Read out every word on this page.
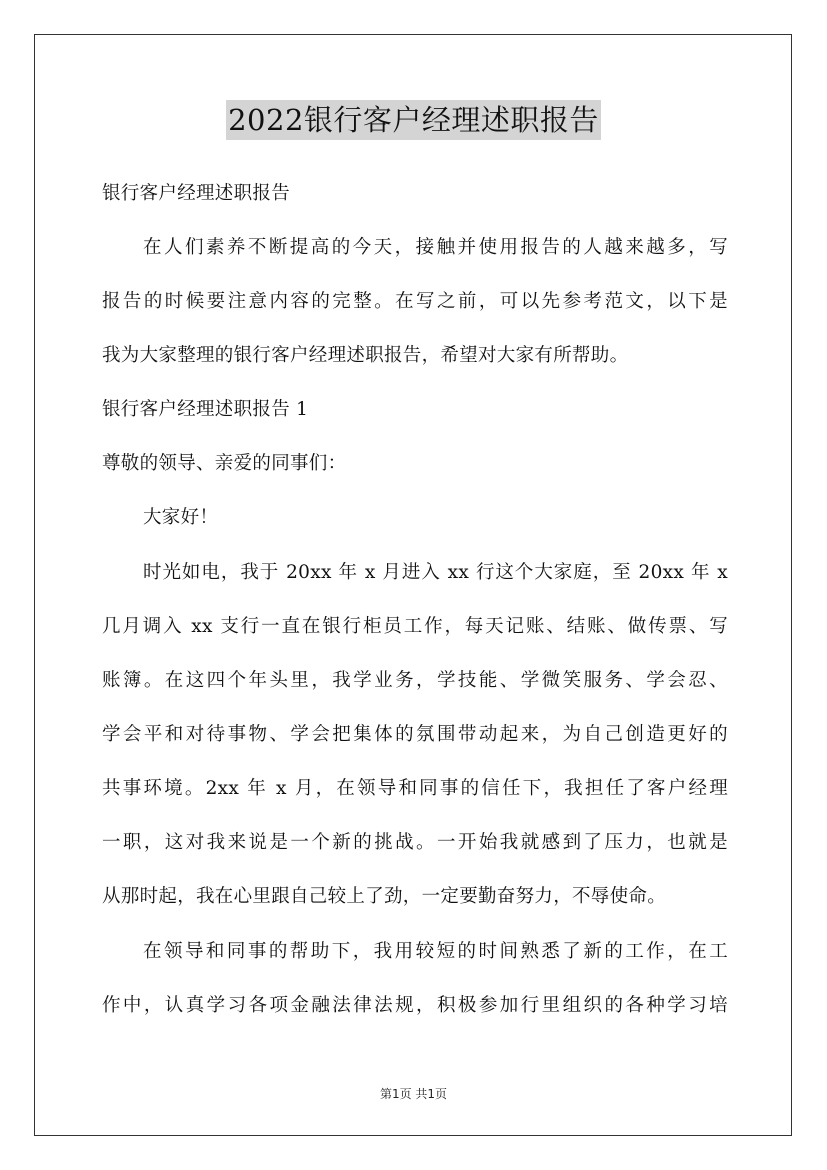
2022银行客户经理述职报告
银行客户经理述职报告
在人们素养不断提高的今天，接触并使用报告的人越来越多，写
报告的时候要注意内容的完整。在写之前，可以先参考范文，以下是
我为大家整理的银行客户经理述职报告，希望对大家有所帮助。
银行客户经理述职报告 1
尊敬的领导、亲爱的同事们：
大家好！
时光如电，我于 20xx 年 x 月进入 xx 行这个大家庭，至 20xx 年 x
几月调入 xx 支行一直在银行柜员工作，每天记账、结账、做传票、写
账簿。在这四个年头里，我学业务，学技能、学微笑服务、学会忍、
学会平和对待事物、学会把集体的氛围带动起来，为自己创造更好的
共事环境。2xx 年 x 月，在领导和同事的信任下，我担任了客户经理
一职，这对我来说是一个新的挑战。一开始我就感到了压力，也就是
从那时起，我在心里跟自己较上了劲，一定要勤奋努力，不辱使命。
在领导和同事的帮助下，我用较短的时间熟悉了新的工作，在工
作中，认真学习各项金融法律法规，积极参加行里组织的各种学习培
第1页 共1页
